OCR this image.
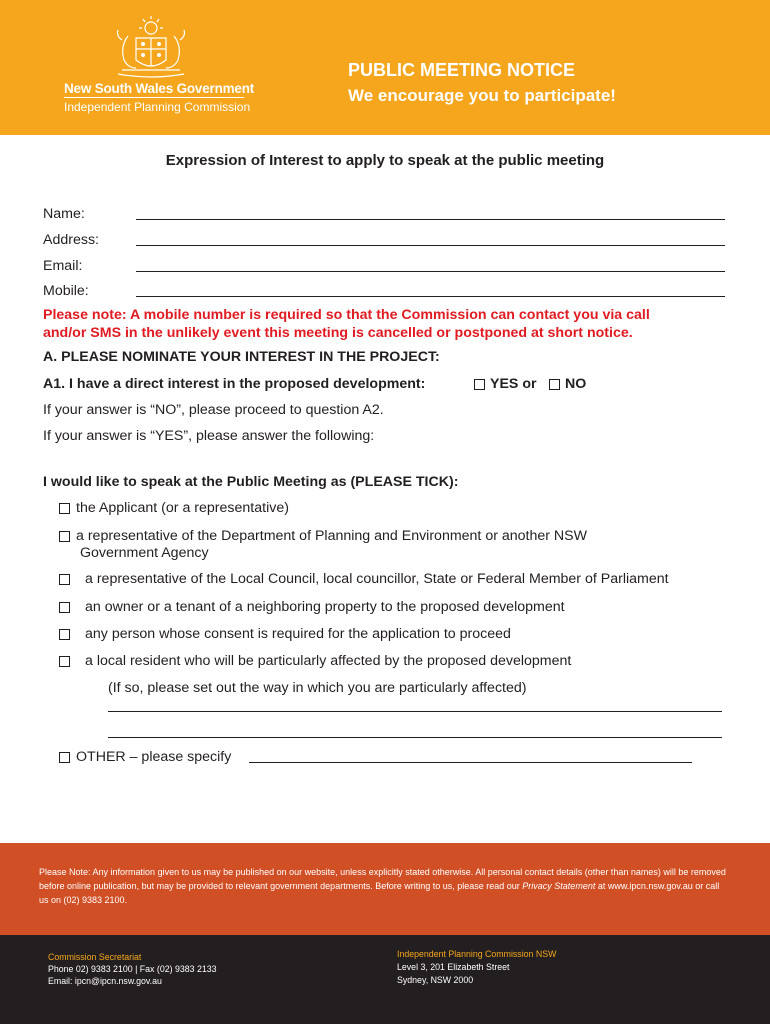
New South Wales Government
Independent Planning Commission
PUBLIC MEETING NOTICE
We encourage you to participate!
Expression of Interest to apply to speak at the public meeting
Name:
Address:
Email:
Mobile:
Please note: A mobile number is required so that the Commission can contact you via call
and/or SMS in the unlikely event this meeting is cancelled or postponed at short notice.
A. PLEASE NOMINATE YOUR INTEREST IN THE PROJECT:
A1. I have a direct interest in the proposed development:	YES or NO
If your answer is “NO”, please proceed to question A2.
If your answer is “YES”, please answer the following:
I would like to speak at the Public Meeting as (PLEASE TICK):
the Applicant (or a representative)
a representative of the Department of Planning and Environment or another NSW
Government Agency
a representative of the Local Council, local councillor, State or Federal Member of Parliament
an owner or a tenant of a neighboring property to the proposed development
any person whose consent is required for the application to proceed
a local resident who will be particularly affected by the proposed development
(If so, please set out the way in which you are particularly affected)
OTHER – please specify

Please Note: Any information given to us may be published on our website, unless explicitly stated otherwise. All personal contact details (other than names) will be removed before online publication, but may be provided to relevant government departments. Before writing to us, please read our Privacy Statement at www.ipcn.nsw.gov.au or call us on (02) 9383 2100.

Commission Secretariat
Phone 02) 9383 2100 | Fax (02) 9383 2133
Email: ipcn@ipcn.nsw.gov.au
Independent Planning Commission NSW
Level 3, 201 Elizabeth Street
Sydney, NSW 2000
